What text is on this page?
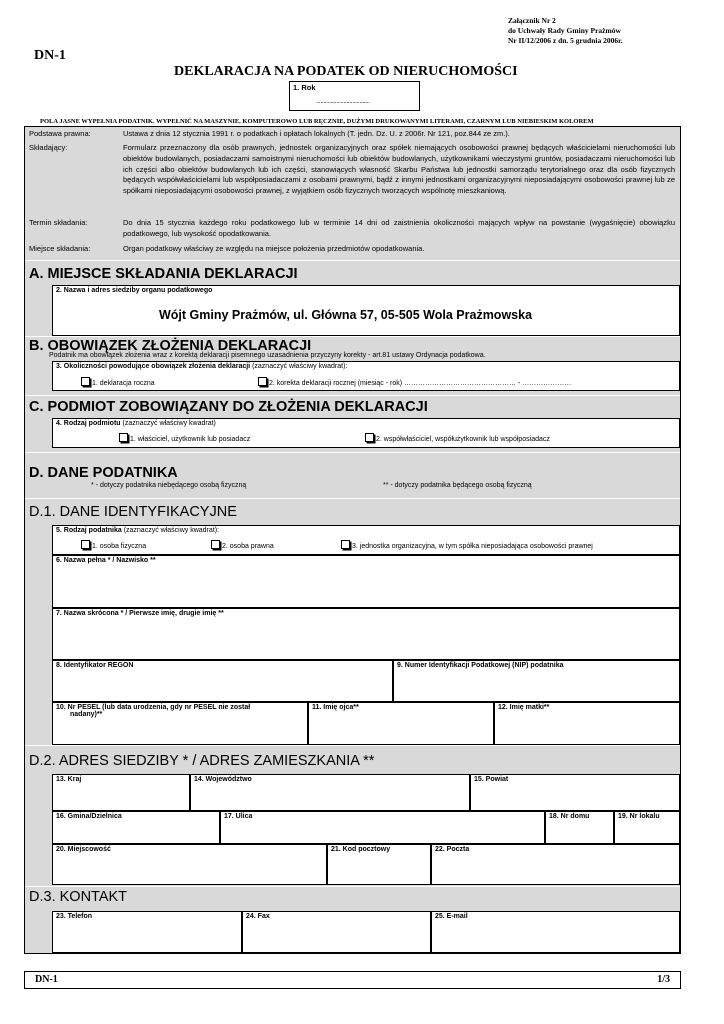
Załącznik Nr 2
do Uchwały Rady Gminy Prażmów
Nr II/12/2006 z dn. 5 grudnia 2006r.
DN-1
DEKLARACJA NA PODATEK OD NIERUCHOMOŚCI
1. Rok
.....................................
POLA JASNE WYPEŁNIA PODATNIK. WYPEŁNIĆ NA MASZYNIE, KOMPUTEROWO LUB RĘCZNIE, DUŻYMI DRUKOWANYMI LITERAMI, CZARNYM LUB NIEBIESKIM KOLOREM
Podstawa prawna:	Ustawa z dnia 12 stycznia 1991 r. o podatkach i opłatach lokalnych (T. jedn. Dz. U. z 2006r. Nr 121, poz.844 ze zm.).
Składający:	Formularz przeznaczony dla osób prawnych, jednostek organizacyjnych oraz spółek niemających osobowości prawnej będących właścicielami nieruchomości lub obiektów budowlanych, posiadaczami samoistnymi nieruchomości lub obiektów budowlanych, użytkownikami wieczystymi gruntów, posiadaczami nieruchomości lub ich części albo obiektów budowlanych lub ich części, stanowiących własność Skarbu Państwa lub jednostki samorządu terytorialnego oraz dla osób fizycznych będących współwłaścicielami lub współposiadaczami z osobami prawnymi, bądź z innymi jednostkami organizacyjnymi nieposiadającymi osobowości prawnej lub ze spółkami nieposiadającymi osobowości prawnej, z wyjątkiem osób fizycznych tworzących wspólnotę mieszkaniową.
Termin składania:	Do dnia 15 stycznia każdego roku podatkowego lub w terminie 14 dni od zaistnienia okoliczności mających wpływ na powstanie (wygaśnięcie) obowiązku podatkowego, lub wysokość opodatkowania.
Miejsce składania:	Organ podatkowy właściwy ze względu na miejsce położenia przedmiotów opodatkowania.
A. MIEJSCE SKŁADANIA DEKLARACJI
2. Nazwa i adres siedziby organu podatkowego
Wójt Gminy Prażmów, ul. Główna 57, 05-505 Wola Prażmowska
B. OBOWIĄZEK ZŁOŻENIA DEKLARACJI
Podatnik ma obowiązek złożenia wraz z korektą deklaracji pisemnego uzasadnienia przyczyny korekty - art.81 ustawy Ordynacja podatkowa.
3. Okoliczności powodujące obowiązek złożenia deklaracji (zaznaczyć właściwy kwadrat):
1. deklaracja roczna	2. korekta deklaracji rocznej (miesiąc - rok) ………………………………………… - …………………
C. PODMIOT ZOBOWIĄZANY DO ZŁOŻENIA DEKLARACJI
4. Rodzaj podmiotu (zaznaczyć właściwy kwadrat)
1. właściciel, użytkownik lub posiadacz	2. współwłaściciel, współużytkownik lub współposiadacz
D. DANE PODATNIKA
* - dotyczy podatnika niebędącego osobą fizyczną	** - dotyczy podatnika będącego osobą fizyczną
D.1. DANE IDENTYFIKACYJNE
5. Rodzaj podatnika (zaznaczyć właściwy kwadrat):
1. osoba fizyczna	2. osoba prawna	3. jednostka organizacyjna, w tym spółka nieposiadająca osobowości prawnej
6. Nazwa pełna * / Nazwisko **
7. Nazwa skrócona * / Pierwsze imię, drugie imię **
8. Identyfikator REGON	9. Numer Identyfikacji Podatkowej (NIP) podatnika
10. Nr PESEL (lub data urodzenia, gdy nr PESEL nie został
nadany)**
11. Imię ojca**	12. Imię matki**
D.2. ADRES SIEDZIBY * / ADRES ZAMIESZKANIA **
13. Kraj	14. Województwo	15. Powiat
16. Gmina/Dzielnica	17. Ulica	18. Nr domu	19. Nr lokalu
20. Miejscowość	21. Kod pocztowy	22. Poczta
D.3. KONTAKT
23. Telefon	24. Fax	25. E-mail
DN-1	1/3
